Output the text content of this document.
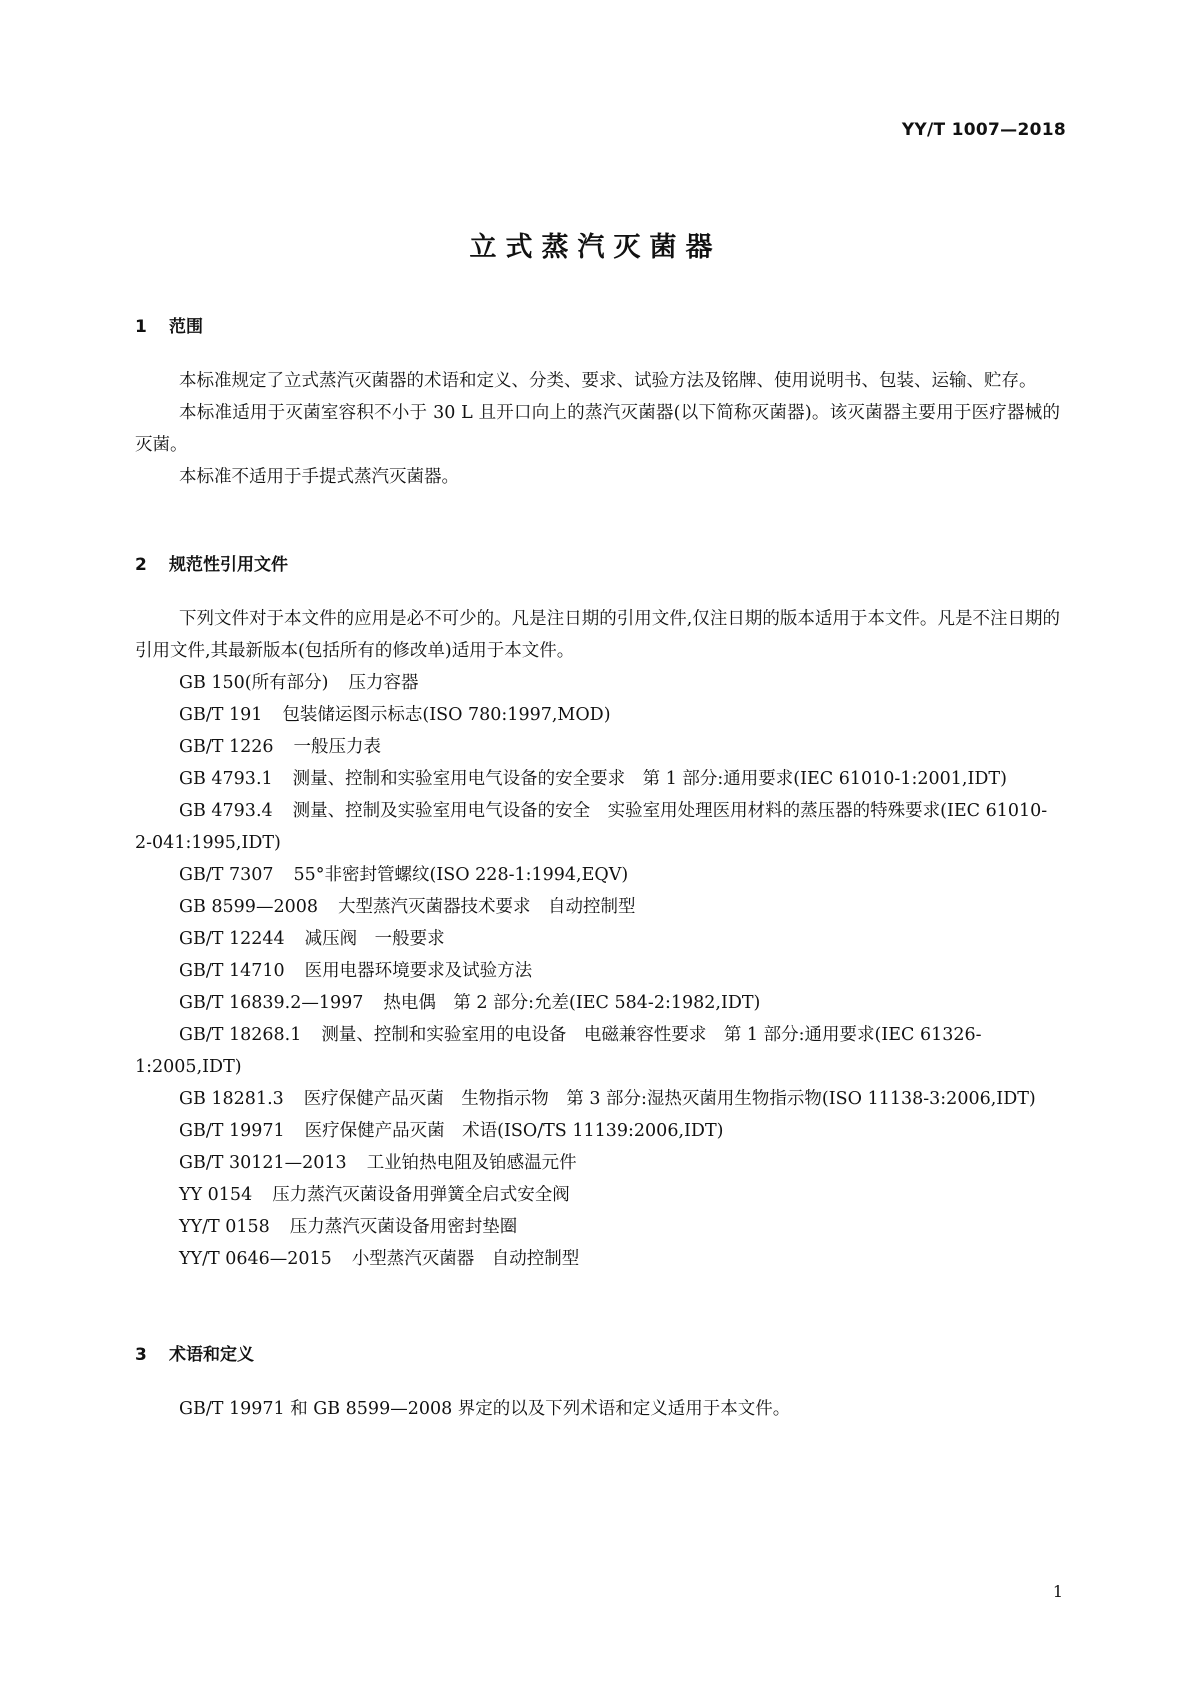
YY/T 1007—2018
立式蒸汽灭菌器
1 范围

本标准规定了立式蒸汽灭菌器的术语和定义、分类、要求、试验方法及铭牌、使用说明书、包装、运输、贮存。

本标准适用于灭菌室容积不小于 30 L 且开口向上的蒸汽灭菌器(以下简称灭菌器)。该灭菌器主要用于医疗器械的灭菌。

本标准不适用于手提式蒸汽灭菌器。

2 规范性引用文件

下列文件对于本文件的应用是必不可少的。凡是注日期的引用文件,仅注日期的版本适用于本文件。凡是不注日期的引用文件,其最新版本(包括所有的修改单)适用于本文件。

GB 150(所有部分) 压力容器
GB/T 191 包装储运图示标志(ISO 780:1997,MOD)
GB/T 1226 一般压力表
GB 4793.1 测量、控制和实验室用电气设备的安全要求　第 1 部分:通用要求(IEC 61010-1:2001,IDT)
GB 4793.4 测量、控制及实验室用电气设备的安全　实验室用处理医用材料的蒸压器的特殊要求(IEC 61010-2-041:1995,IDT)
GB/T 7307 55°非密封管螺纹(ISO 228-1:1994,EQV)
GB 8599—2008 大型蒸汽灭菌器技术要求　自动控制型
GB/T 12244 减压阀　一般要求
GB/T 14710 医用电器环境要求及试验方法
GB/T 16839.2—1997 热电偶　第 2 部分:允差(IEC 584-2:1982,IDT)
GB/T 18268.1 测量、控制和实验室用的电设备　电磁兼容性要求　第 1 部分:通用要求(IEC 61326-1:2005,IDT)
GB 18281.3 医疗保健产品灭菌　生物指示物　第 3 部分:湿热灭菌用生物指示物(ISO 11138-3:2006,IDT)
GB/T 19971 医疗保健产品灭菌　术语(ISO/TS 11139:2006,IDT)
GB/T 30121—2013 工业铂热电阻及铂感温元件
YY 0154 压力蒸汽灭菌设备用弹簧全启式安全阀
YY/T 0158 压力蒸汽灭菌设备用密封垫圈
YY/T 0646—2015 小型蒸汽灭菌器　自动控制型
3 术语和定义

GB/T 19971 和 GB 8599—2008 界定的以及下列术语和定义适用于本文件。

1
